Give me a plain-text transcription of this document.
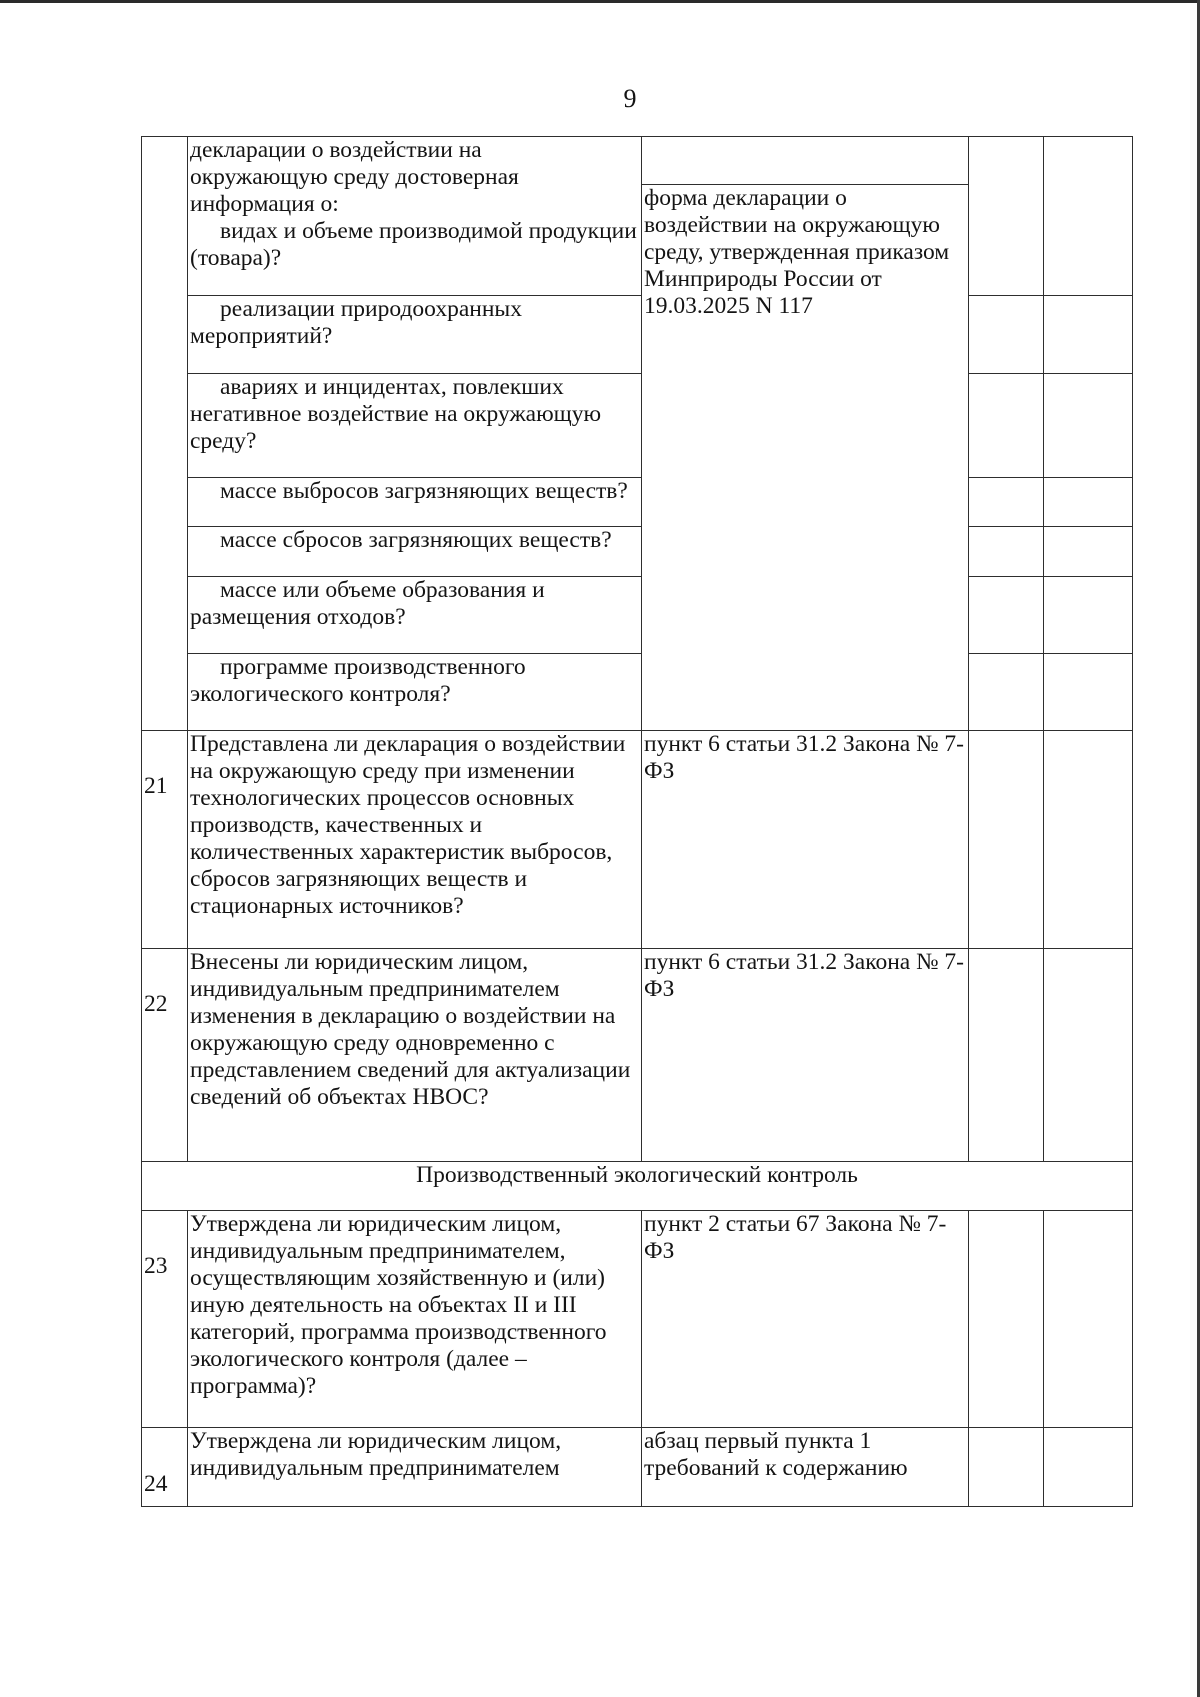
9
	декларации о воздействии на
окружающую среду достоверная
информация о:

видах и объеме производимой продукции (товара)?			

		форма декларации о воздействии на окружающую среду, утвержденная приказом Минприроды России от 19.03.2025 N 117		

	реализации природоохранных мероприятий?			

	авариях и инцидентах, повлекших негативное воздействие на окружающую среду?			

	массе выбросов загрязняющих веществ?			

	массе сбросов загрязняющих веществ?			

	массе или объеме образования и размещения отходов?			

	программе производственного экологического контроля?			

21	Представлена ли декларация о воздействии на окружающую среду при изменении технологических процессов основных производств, качественных и количественных характеристик выбросов, сбросов загрязняющих веществ и стационарных источников?	пункт 6 статьи 31.2 Закона № 7-ФЗ		
22	Внесены ли юридическим лицом, индивидуальным предпринимателем изменения в декларацию о воздействии на окружающую среду одновременно с представлением сведений для актуализации сведений об объектах НВОС?	пункт 6 статьи 31.2 Закона № 7-ФЗ		
Производственный экологический контроль				
23	Утверждена ли юридическим лицом, индивидуальным предпринимателем, осуществляющим хозяйственную и (или) иную деятельность на объектах II и III категорий, программа производственного экологического контроля (далее – программа)?	пункт 2 статьи 67 Закона № 7-ФЗ		
24	Утверждена ли юридическим лицом, индивидуальным предпринимателем	абзац первый пункта 1 требований к содержанию		
